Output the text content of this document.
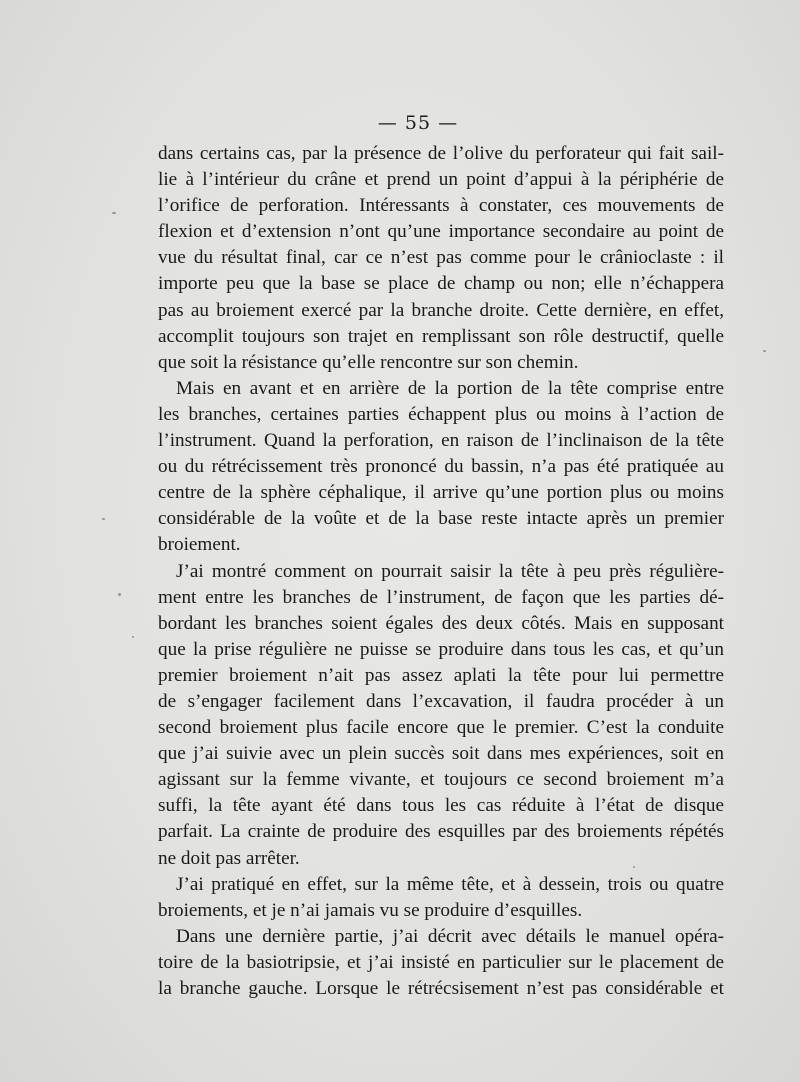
— 55 —
dans certains cas, par la présence de l’olive du perforateur qui fait sail-
lie à l’intérieur du crâne et prend un point d’appui à la périphérie de
l’orifice de perforation. Intéressants à constater, ces mouvements de
flexion et d’extension n’ont qu’une importance secondaire au point de
vue du résultat final, car ce n’est pas comme pour le crânioclaste : il
importe peu que la base se place de champ ou non; elle n’échappera
pas au broiement exercé par la branche droite. Cette dernière, en effet,
accomplit toujours son trajet en remplissant son rôle destructif, quelle
que soit la résistance qu’elle rencontre sur son chemin.
Mais en avant et en arrière de la portion de la tête comprise entre
les branches, certaines parties échappent plus ou moins à l’action de
l’instrument. Quand la perforation, en raison de l’inclinaison de la tête
ou du rétrécissement très prononcé du bassin, n’a pas été pratiquée au
centre de la sphère céphalique, il arrive qu’une portion plus ou moins
considérable de la voûte et de la base reste intacte après un premier
broiement.
J’ai montré comment on pourrait saisir la tête à peu près régulière-
ment entre les branches de l’instrument, de façon que les parties dé-
bordant les branches soient égales des deux côtés. Mais en supposant
que la prise régulière ne puisse se produire dans tous les cas, et qu’un
premier broiement n’ait pas assez aplati la tête pour lui permettre
de s’engager facilement dans l’excavation, il faudra procéder à un
second broiement plus facile encore que le premier. C’est la conduite
que j’ai suivie avec un plein succès soit dans mes expériences, soit en
agissant sur la femme vivante, et toujours ce second broiement m’a
suffi, la tête ayant été dans tous les cas réduite à l’état de disque
parfait. La crainte de produire des esquilles par des broiements répétés
ne doit pas arrêter.
J’ai pratiqué en effet, sur la même tête, et à dessein, trois ou quatre
broiements, et je n’ai jamais vu se produire d’esquilles.
Dans une dernière partie, j’ai décrit avec détails le manuel opéra-
toire de la basiotripsie, et j’ai insisté en particulier sur le placement de
la branche gauche. Lorsque le rétrécsisement n’est pas considérable et
